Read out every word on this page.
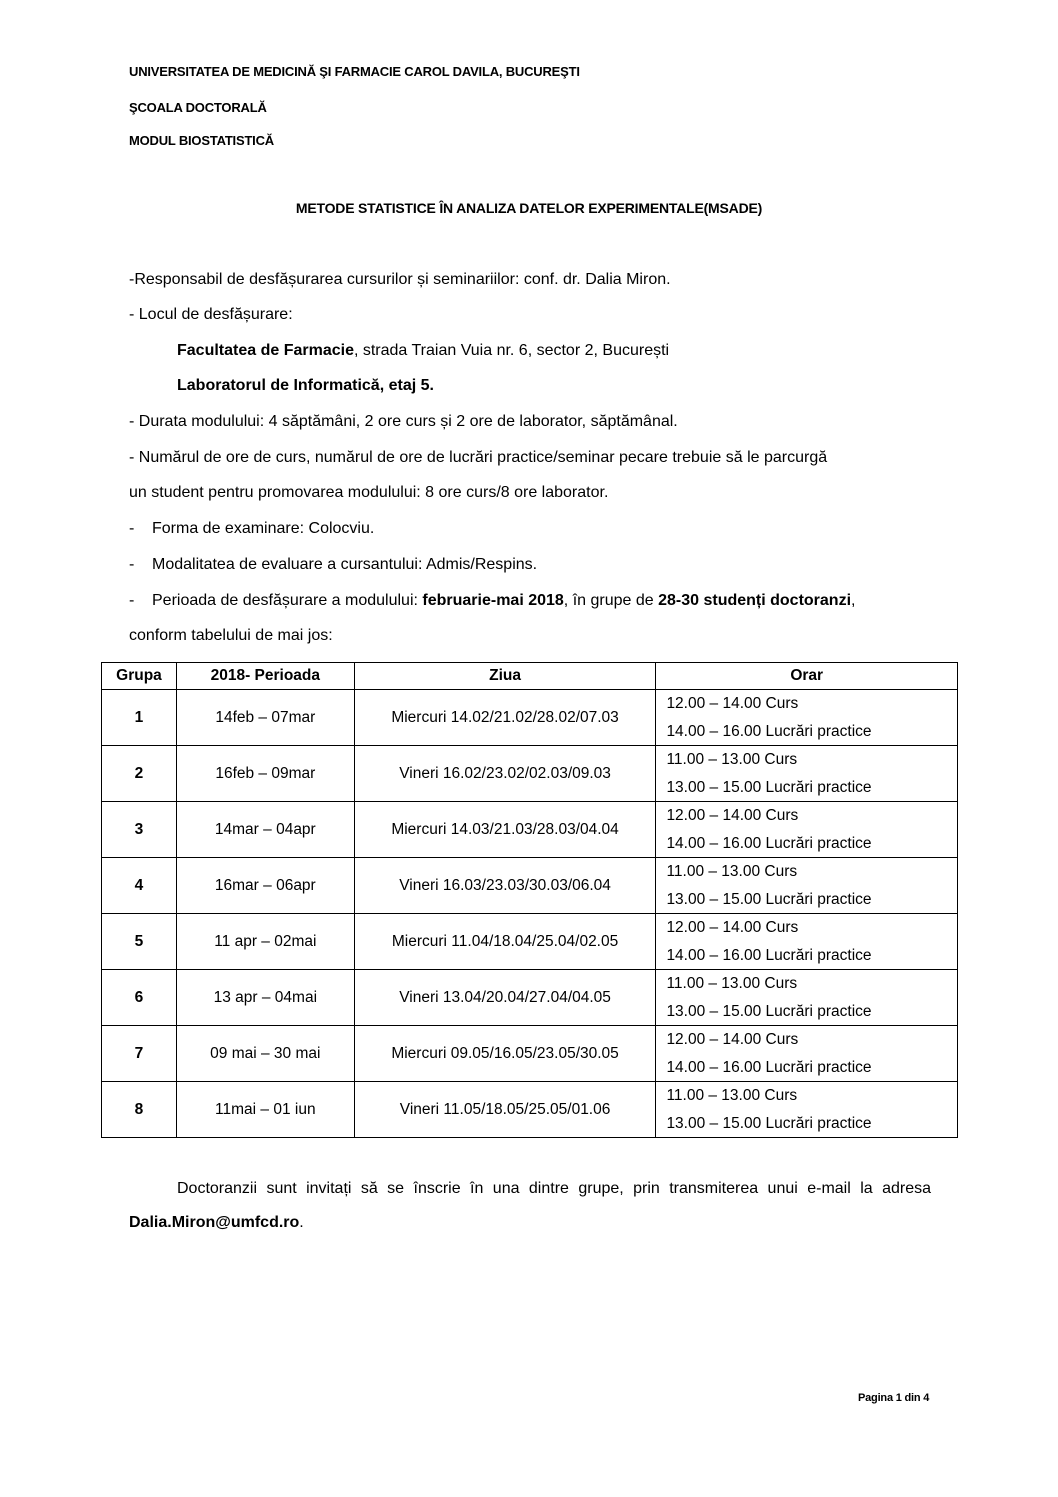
UNIVERSITATEA DE MEDICINĂ ŞI FARMACIE CAROL DAVILA, BUCUREŞTI
ŞCOALA DOCTORALĂ
MODUL BIOSTATISTICĂ
METODE STATISTICE ÎN ANALIZA DATELOR EXPERIMENTALE(MSADE)
-Responsabil de desfășurarea cursurilor și seminariilor: conf. dr. Dalia Miron.
- Locul de desfășurare:
Facultatea de Farmacie, strada Traian Vuia nr. 6, sector 2, București
Laboratorul de Informatică, etaj 5.
- Durata modulului: 4 săptămâni, 2 ore curs și 2 ore de laborator, săptămânal.
- Numărul de ore de curs, numărul de ore de lucrări practice/seminar pecare trebuie să le parcurgă
un student pentru promovarea modulului: 8 ore curs/8 ore laborator.
- Forma de examinare: Colocviu.
- Modalitatea de evaluare a cursantului: Admis/Respins.
- Perioada de desfășurare a modulului: februarie-mai 2018, în grupe de 28-30 studenți doctoranzi,
conform tabelului de mai jos:
Grupa	2018- Perioada	Ziua	Orar
1	14feb – 07mar	Miercuri 14.02/21.02/28.02/07.03	12.00 – 14.00 Curs
14.00 – 16.00 Lucrări practice

2	16feb – 09mar	Vineri 16.02/23.02/02.03/09.03	11.00 – 13.00 Curs
13.00 – 15.00 Lucrări practice

3	14mar – 04apr	Miercuri 14.03/21.03/28.03/04.04	12.00 – 14.00 Curs
14.00 – 16.00 Lucrări practice

4	16mar – 06apr	Vineri 16.03/23.03/30.03/06.04	11.00 – 13.00 Curs
13.00 – 15.00 Lucrări practice

5	11 apr – 02mai	Miercuri 11.04/18.04/25.04/02.05	12.00 – 14.00 Curs
14.00 – 16.00 Lucrări practice

6	13 apr – 04mai	Vineri 13.04/20.04/27.04/04.05	11.00 – 13.00 Curs
13.00 – 15.00 Lucrări practice

7	09 mai – 30 mai	Miercuri 09.05/16.05/23.05/30.05	12.00 – 14.00 Curs
14.00 – 16.00 Lucrări practice

8	11mai – 01 iun	Vineri 11.05/18.05/25.05/01.06	11.00 – 13.00 Curs
13.00 – 15.00 Lucrări practice
Doctoranzii sunt invitați să se înscrie în una dintre grupe, prin transmiterea unui e-mail la adresa Dalia.Miron@umfcd.ro.
Pagina 1 din 4
